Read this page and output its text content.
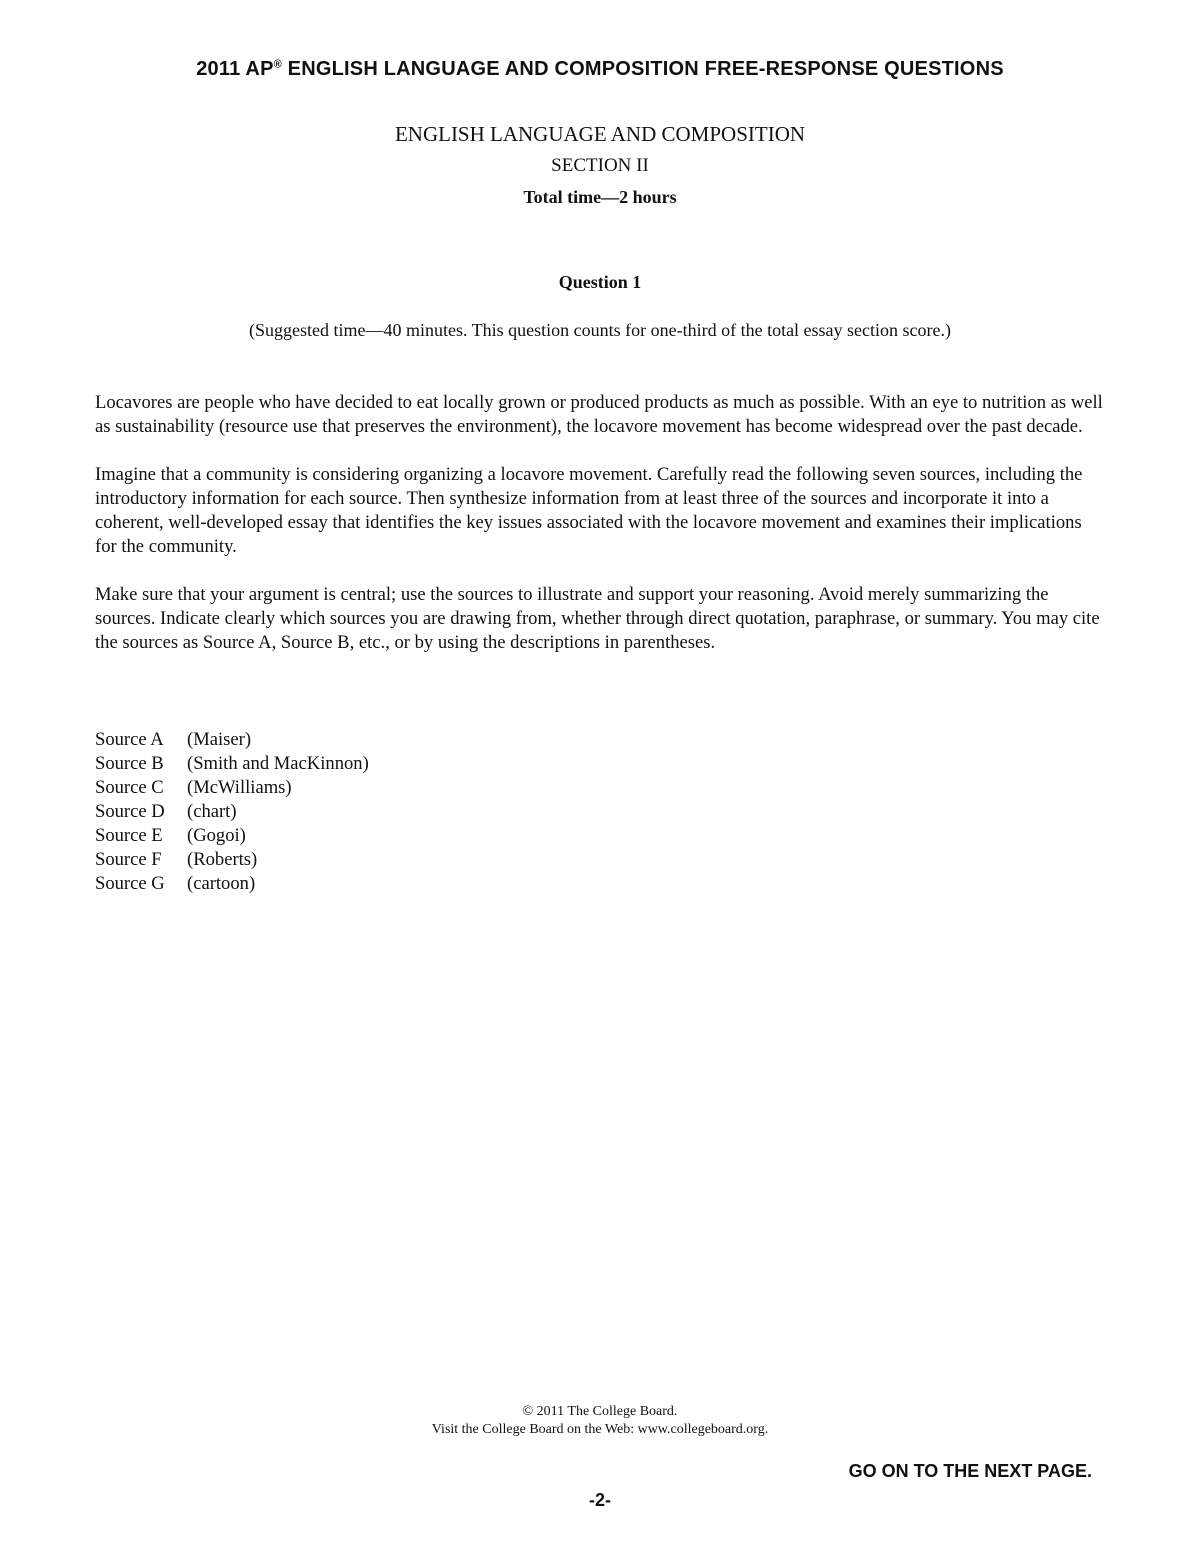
2011 AP® ENGLISH LANGUAGE AND COMPOSITION FREE-RESPONSE QUESTIONS
ENGLISH LANGUAGE AND COMPOSITION
SECTION II
Total time—2 hours
Question 1
(Suggested time—40 minutes. This question counts for one-third of the total essay section score.)

Locavores are people who have decided to eat locally grown or produced products as much as possible. With an eye to nutrition as well as sustainability (resource use that preserves the environment), the locavore movement has become widespread over the past decade.

Imagine that a community is considering organizing a locavore movement. Carefully read the following seven sources, including the introductory information for each source. Then synthesize information from at least three of the sources and incorporate it into a coherent, well-developed essay that identifies the key issues associated with the locavore movement and examines their implications for the community.

Make sure that your argument is central; use the sources to illustrate and support your reasoning. Avoid merely summarizing the sources. Indicate clearly which sources you are drawing from, whether through direct quotation, paraphrase, or summary. You may cite the sources as Source A, Source B, etc., or by using the descriptions in parentheses.

Source A	(Maiser)
Source B	(Smith and MacKinnon)
Source C	(McWilliams)
Source D	(chart)
Source E	(Gogoi)
Source F	(Roberts)
Source G	(cartoon)
© 2011 The College Board.
Visit the College Board on the Web: www.collegeboard.org.
GO ON TO THE NEXT PAGE.
-2-
